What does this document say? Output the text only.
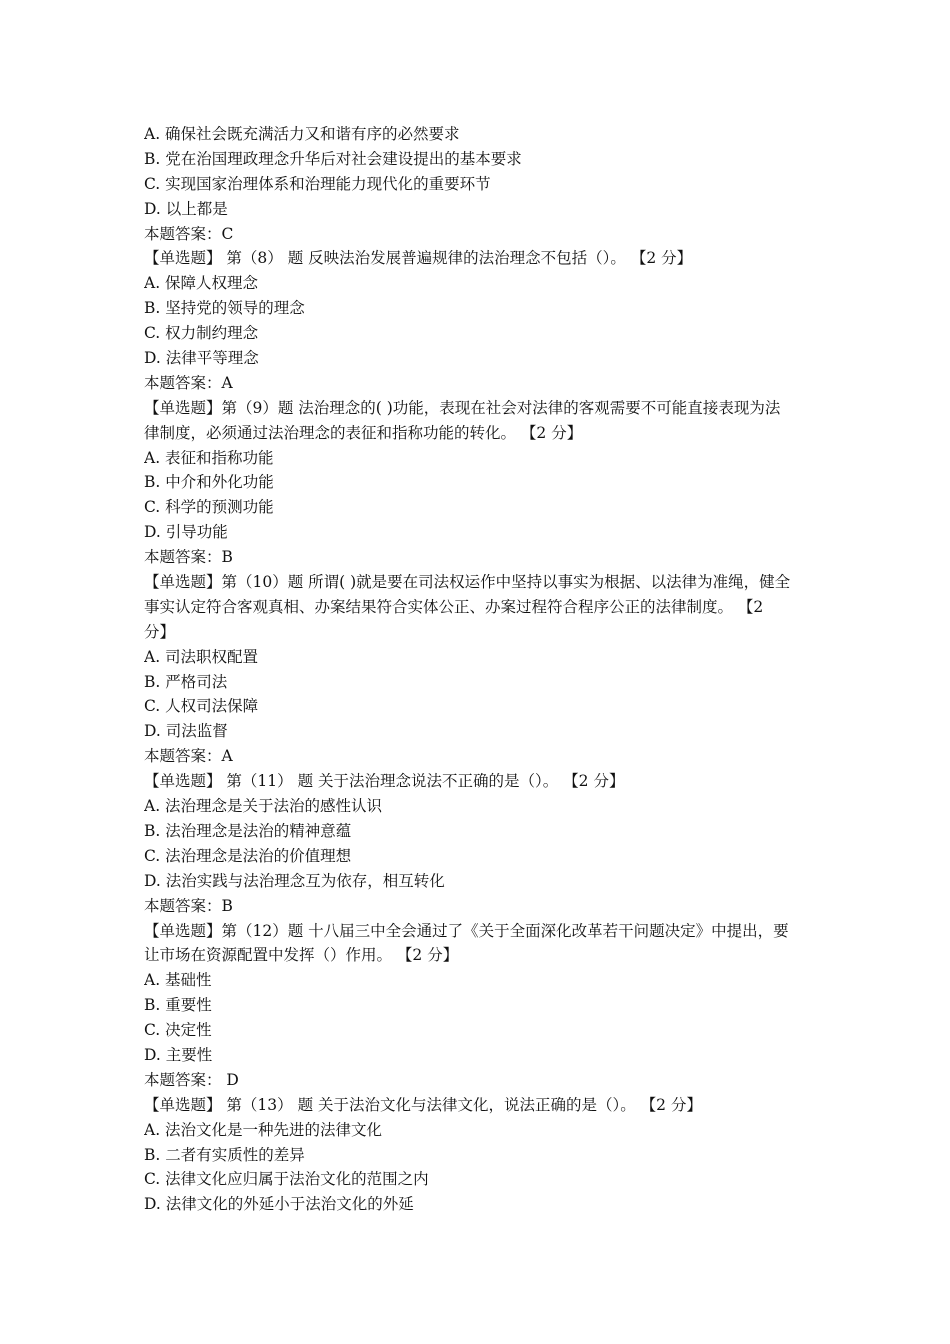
A. 确保社会既充满活力又和谐有序的必然要求
B. 党在治国理政理念升华后对社会建设提出的基本要求
C. 实现国家治理体系和治理能力现代化的重要环节
D. 以上都是
本题答案：C
【单选题】 第（8） 题 反映法治发展普遍规律的法治理念不包括（）。 【2 分】
A. 保障人权理念
B. 坚持党的领导的理念
C. 权力制约理念
D. 法律平等理念
本题答案：A
【单选题】第（9）题 法治理念的( )功能，表现在社会对法律的客观需要不可能直接表现为法
律制度，必须通过法治理念的表征和指称功能的转化。 【2 分】
A. 表征和指称功能
B. 中介和外化功能
C. 科学的预测功能
D. 引导功能
本题答案：B
【单选题】第（10）题 所谓( )就是要在司法权运作中坚持以事实为根据、以法律为准绳，健全
事实认定符合客观真相、办案结果符合实体公正、办案过程符合程序公正的法律制度。 【2
分】
A. 司法职权配置
B. 严格司法
C. 人权司法保障
D. 司法监督
本题答案：A
【单选题】 第（11） 题 关于法治理念说法不正确的是（）。 【2 分】
A. 法治理念是关于法治的感性认识
B. 法治理念是法治的精神意蕴
C. 法治理念是法治的价值理想
D. 法治实践与法治理念互为依存，相互转化
本题答案：B
【单选题】第（12）题 十八届三中全会通过了《关于全面深化改革若干问题决定》中提出，要
让市场在资源配置中发挥（）作用。 【2 分】
A. 基础性
B. 重要性
C. 决定性
D. 主要性
本题答案： D
【单选题】 第（13） 题 关于法治文化与法律文化，说法正确的是（）。 【2 分】
A. 法治文化是一种先进的法律文化
B. 二者有实质性的差异
C. 法律文化应归属于法治文化的范围之内
D. 法律文化的外延小于法治文化的外延
